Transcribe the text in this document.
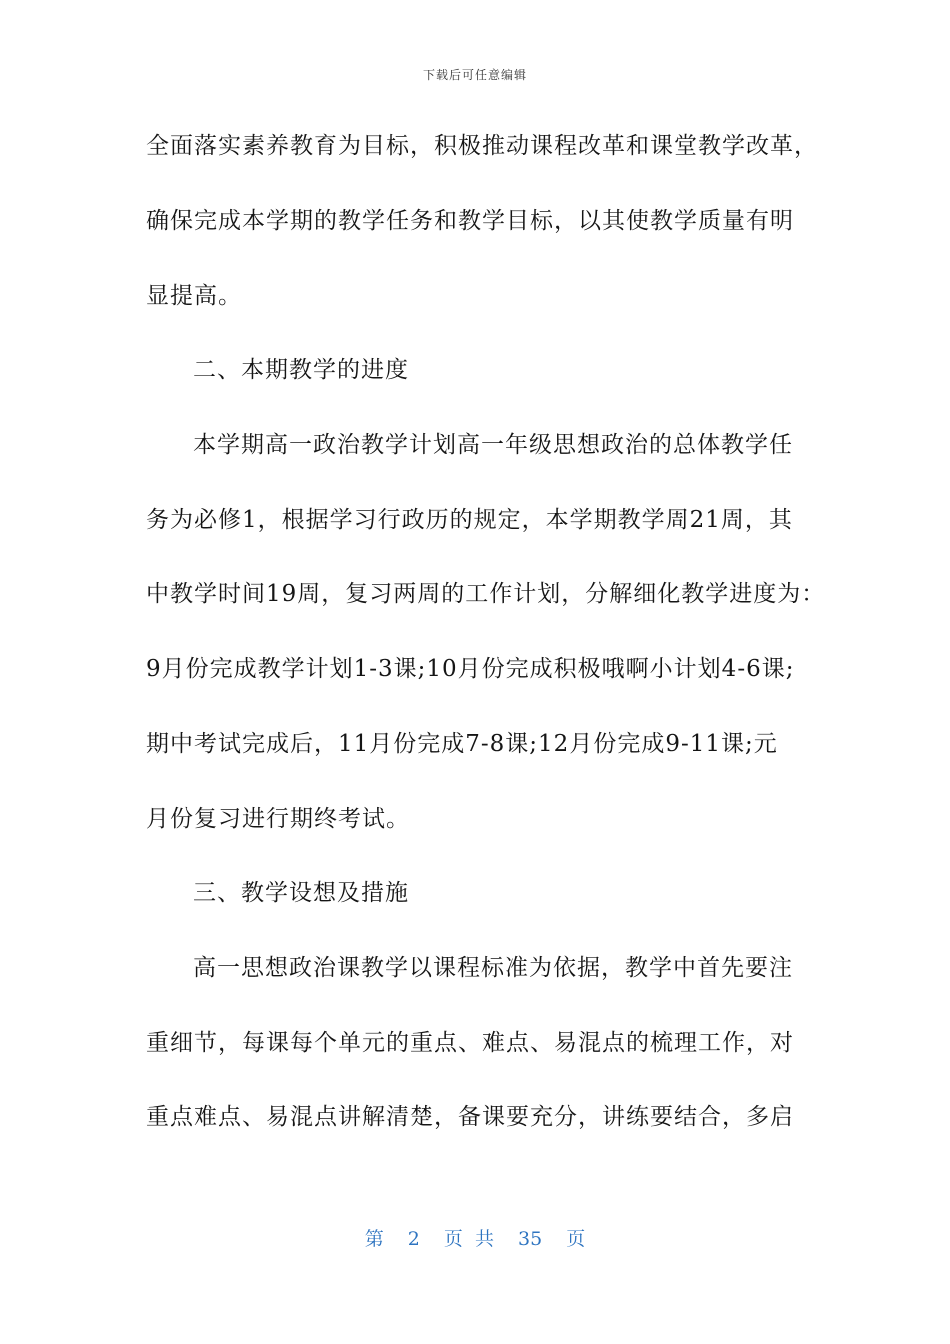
下载后可任意编辑
全面落实素养教育为目标，积极推动课程改革和课堂教学改革，
确保完成本学期的教学任务和教学目标，以其使教学质量有明
显提高。
二、本期教学的进度
本学期高一政治教学计划高一年级思想政治的总体教学任
务为必修1，根据学习行政历的规定，本学期教学周21周，其
中教学时间19周，复习两周的工作计划，分解细化教学进度为：
9月份完成教学计划1-3课;10月份完成积极哦啊小计划4-6课;
期中考试完成后，11月份完成7-8课;12月份完成9-11课;元
月份复习进行期终考试。
三、教学设想及措施
高一思想政治课教学以课程标准为依据，教学中首先要注
重细节，每课每个单元的重点、难点、易混点的梳理工作，对
重点难点、易混点讲解清楚，备课要充分，讲练要结合，多启
第 2 页 共 35 页
